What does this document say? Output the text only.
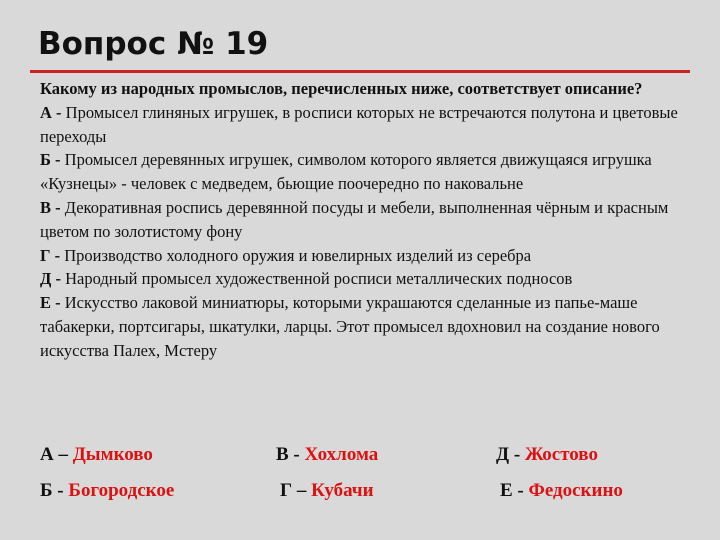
Вопрос № 19

Какому из народных промыслов, перечисленных ниже, соответствует описание?

А - Промысел глиняных игрушек, в росписи которых не встречаются полутона и цветовые переходы

Б - Промысел деревянных игрушек, символом которого является движущаяся игрушка «Кузнецы» - человек с медведем, бьющие поочередно по наковальне

В - Декоративная роспись деревянной посуды и мебели, выполненная чёрным и красным цветом по золотистому фону

Г - Производство холодного оружия и ювелирных изделий из серебра

Д - Народный промысел художественной росписи металлических подносов

Е - Искусство лаковой миниатюры, которыми украшаются сделанные из папье-маше табакерки, портсигары, шкатулки, ларцы. Этот промысел вдохновил на создание нового искусства Палех, Мстеру

А – Дымково	В - Хохлома	Д - Жостово
Б - Богородское	Г – Кубачи	Е - Федоскино
